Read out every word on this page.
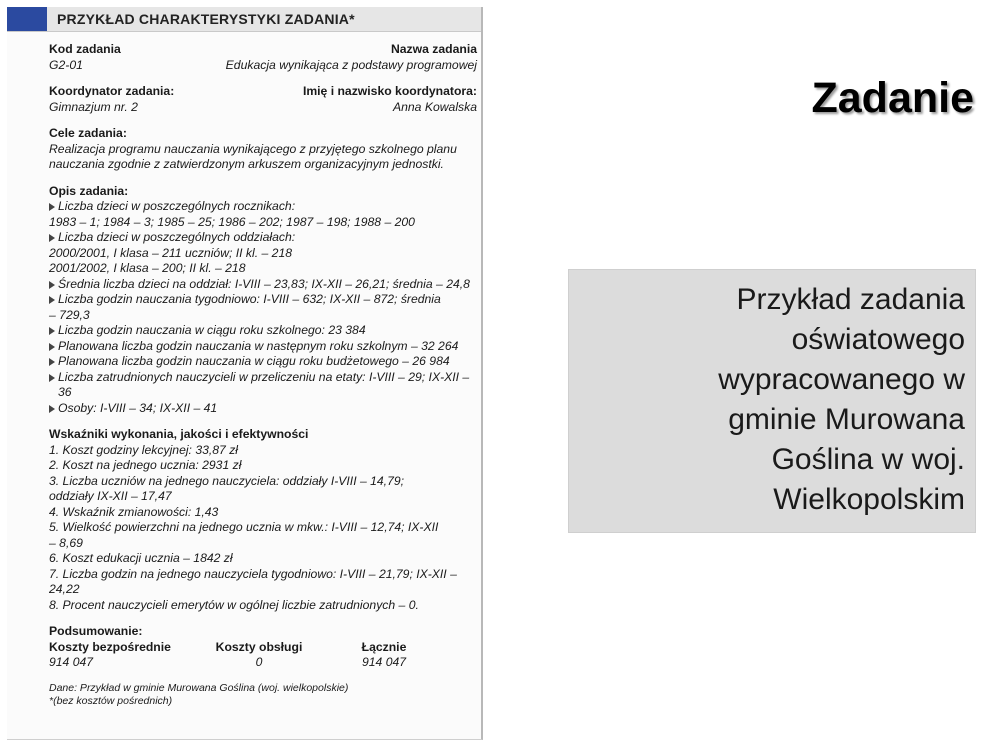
PRZYKŁAD CHARAKTERYSTYKI ZADANIA*
Kod zadania	Nazwa zadania
G2-01	Edukacja wynikająca z podstawy programowej
Koordynator zadania:	Imię i nazwisko koordynatora:
Gimnazjum nr. 2	Anna Kowalska
Cele zadania:
Realizacja programu nauczania wynikającego z przyjętego szkolnego planu
nauczania zgodnie z zatwierdzonym arkuszem organizacyjnym jednostki.
Opis zadania:
Liczba dzieci w poszczególnych rocznikach:
1983 – 1; 1984 – 3; 1985 – 25; 1986 – 202; 1987 – 198; 1988 – 200
Liczba dzieci w poszczególnych oddziałach:
2000/2001, I klasa – 211 uczniów; II kl. – 218
2001/2002, I klasa – 200; II kl. – 218
Średnia liczba dzieci na oddział: I-VIII – 23,83; IX-XII – 26,21; średnia – 24,8
Liczba godzin nauczania tygodniowo: I-VIII – 632; IX-XII – 872; średnia
– 729,3
Liczba godzin nauczania w ciągu roku szkolnego: 23 384
Planowana liczba godzin nauczania w następnym roku szkolnym – 32 264
Planowana liczba godzin nauczania w ciągu roku budżetowego – 26 984
Liczba zatrudnionych nauczycieli w przeliczeniu na etaty: I-VIII – 29; IX-XII – 36
Osoby: I-VIII – 34; IX-XII – 41
Wskaźniki wykonania, jakości i efektywności
1. Koszt godziny lekcyjnej: 33,87 zł
2. Koszt na jednego ucznia: 2931 zł
3. Liczba uczniów na jednego nauczyciela: oddziały I-VIII – 14,79;
oddziały IX-XII – 17,47
4. Wskaźnik zmianowości: 1,43
5. Wielkość powierzchni na jednego ucznia w mkw.: I-VIII – 12,74; IX-XII
– 8,69
6. Koszt edukacji ucznia – 1842 zł
7. Liczba godzin na jednego nauczyciela tygodniowo: I-VIII – 21,79; IX-XII – 24,22
8. Procent nauczycieli emerytów w ogólnej liczbie zatrudnionych – 0.
Podsumowanie:
Koszty bezpośrednie	Koszty obsługi	Łącznie
914 047	0	914 047
Dane: Przykład w gminie Murowana Goślina (woj. wielkopolskie)
*(bez kosztów pośrednich)
Zadanie
Przykład zadania
oświatowego
wypracowanego w
gminie Murowana
Goślina w woj.
Wielkopolskim
